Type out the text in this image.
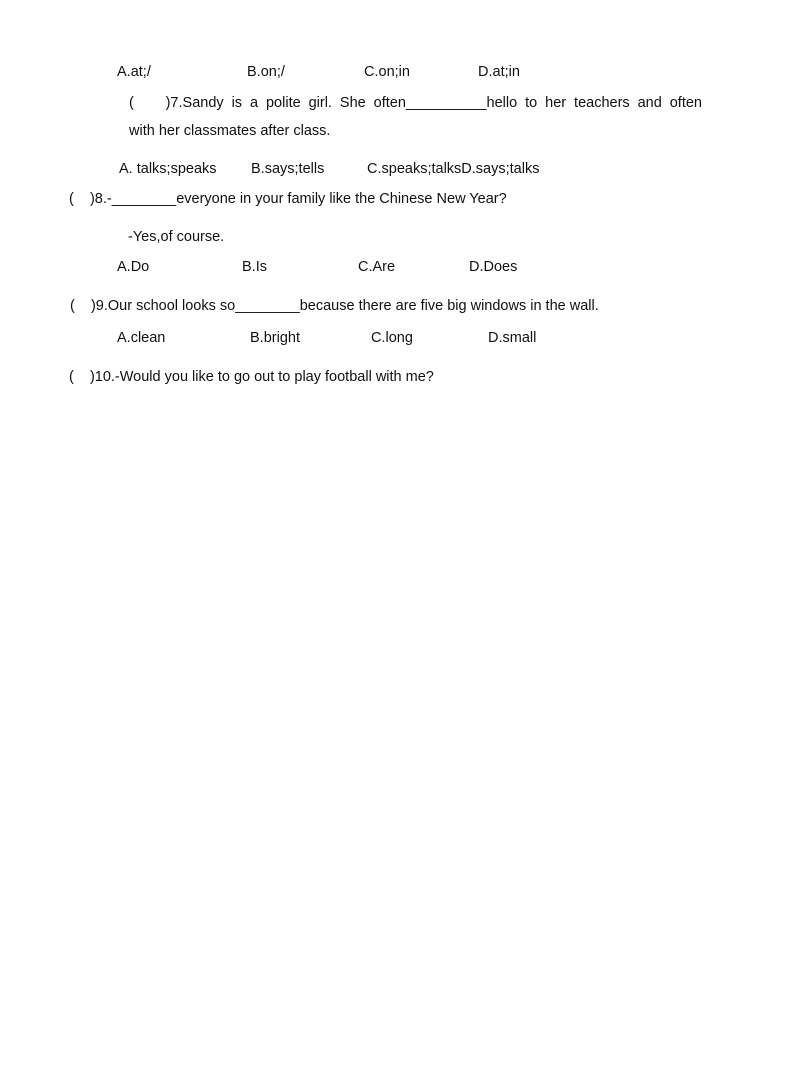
A.at;/	B.on;/	C.on;in	D.at;in
(    )7.Sandy is a polite girl. She often__________hello to her teachers and often
with her classmates after class.
A. talks;speaks B.says;tells	C.speaks;talksD.says;talks
(    )8.-________everyone in your family like the Chinese New Year?
-Yes,of course.
A.Do	B.Is	C.Are	D.Does
(    )9.Our school looks so________because there are five big windows in the wall.
A.clean	B.bright	C.long	D.small
(    )10.-Would you like to go out to play football with me?
